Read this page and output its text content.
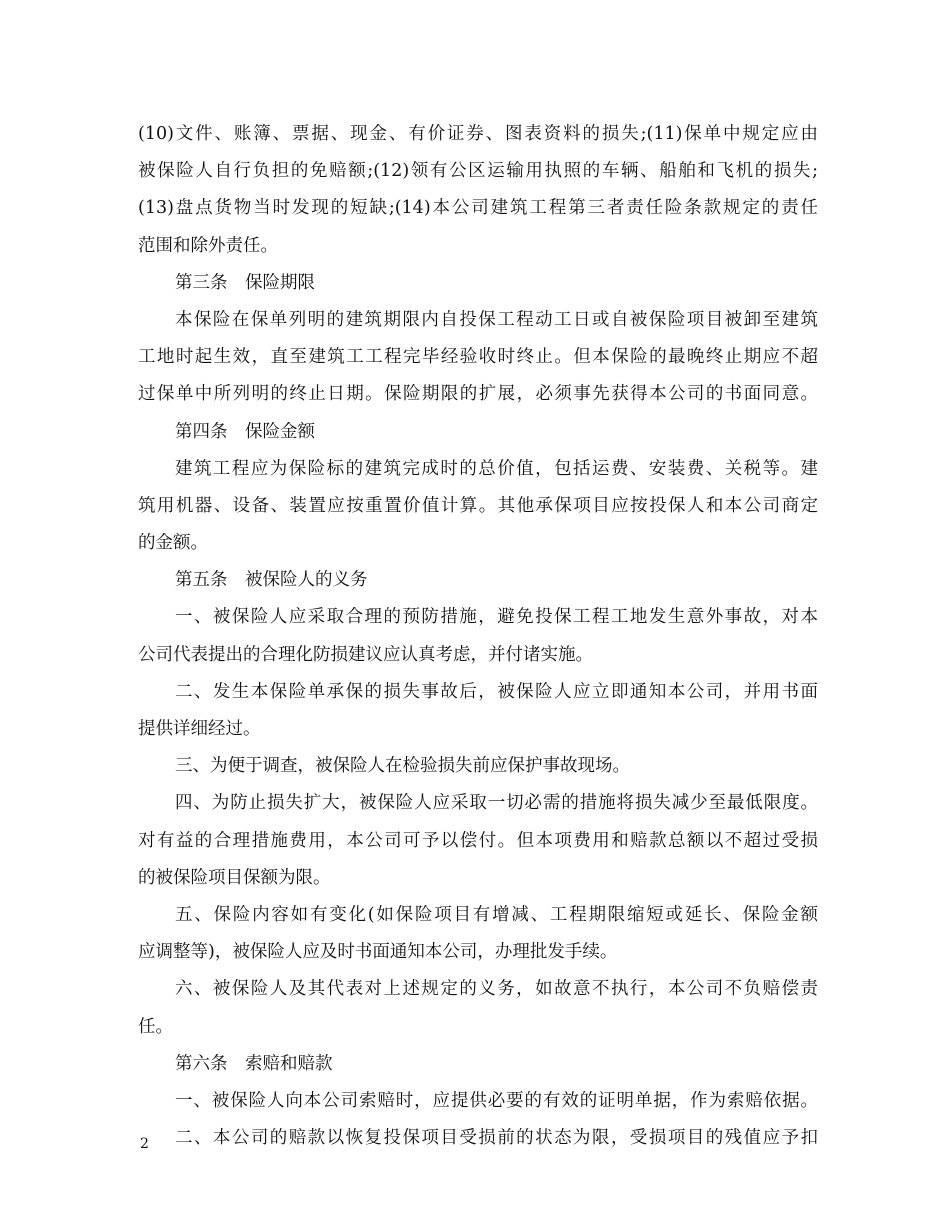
(10)文件、账簿、票据、现金、有价证券、图表资料的损失;(11)保单中规定应由
被保险人自行负担的免赔额;(12)领有公区运输用执照的车辆、船舶和飞机的损失;
(13)盘点货物当时发现的短缺;(14)本公司建筑工程第三者责任险条款规定的责任
范围和除外责任。
第三条　保险期限
本保险在保单列明的建筑期限内自投保工程动工日或自被保险项目被卸至建筑
工地时起生效，直至建筑工工程完毕经验收时终止。但本保险的最晚终止期应不超
过保单中所列明的终止日期。保险期限的扩展，必须事先获得本公司的书面同意。
第四条　保险金额
建筑工程应为保险标的建筑完成时的总价值，包括运费、安装费、关税等。建
筑用机器、设备、装置应按重置价值计算。其他承保项目应按投保人和本公司商定
的金额。
第五条　被保险人的义务
一、被保险人应采取合理的预防措施，避免投保工程工地发生意外事故，对本
公司代表提出的合理化防损建议应认真考虑，并付诸实施。
二、发生本保险单承保的损失事故后，被保险人应立即通知本公司，并用书面
提供详细经过。
三、为便于调查，被保险人在检验损失前应保护事故现场。
四、为防止损失扩大，被保险人应采取一切必需的措施将损失减少至最低限度。
对有益的合理措施费用，本公司可予以偿付。但本项费用和赔款总额以不超过受损
的被保险项目保额为限。
五、保险内容如有变化(如保险项目有增减、工程期限缩短或延长、保险金额
应调整等)，被保险人应及时书面通知本公司，办理批发手续。
六、被保险人及其代表对上述规定的义务，如故意不执行，本公司不负赔偿责
任。
第六条　索赔和赔款
一、被保险人向本公司索赔时，应提供必要的有效的证明单据，作为索赔依据。
二、本公司的赔款以恢复投保项目受损前的状态为限，受损项目的残值应予扣
2
